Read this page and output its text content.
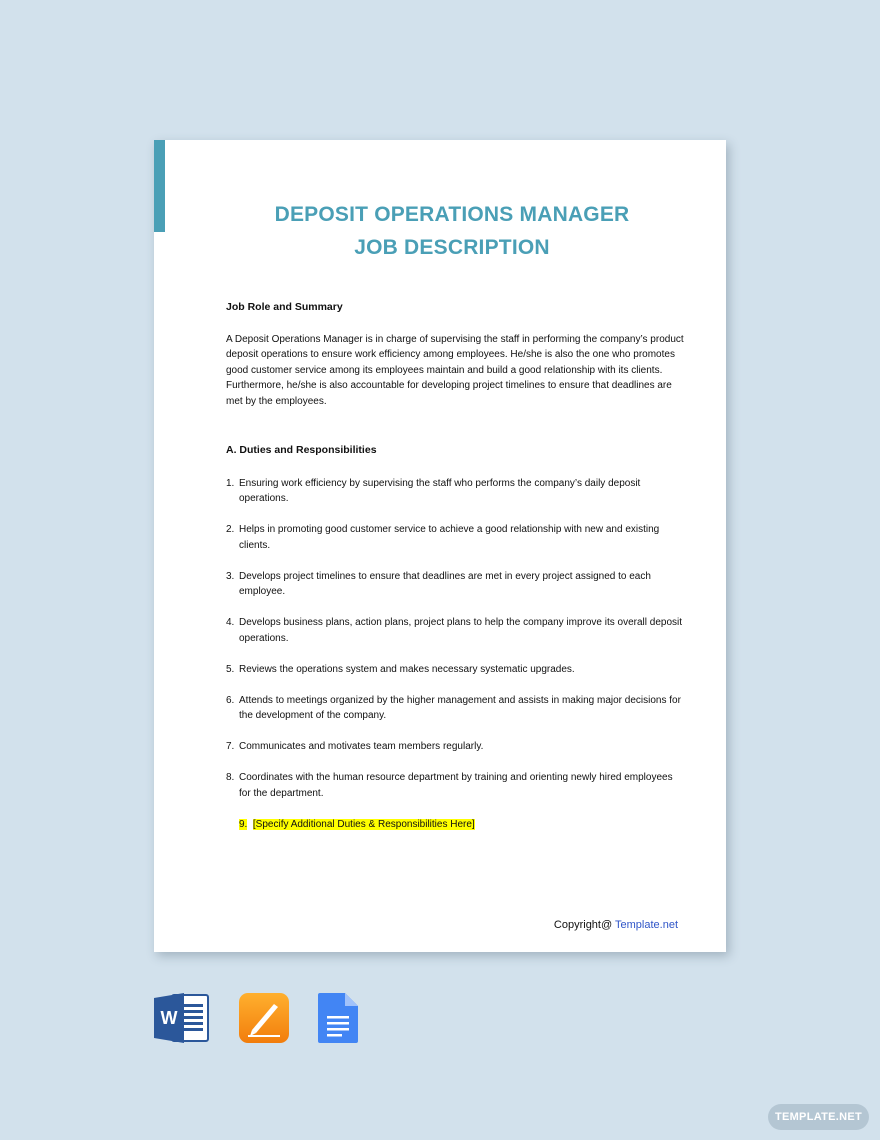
DEPOSIT OPERATIONS MANAGER
JOB DESCRIPTION
Job Role and Summary

A Deposit Operations Manager is in charge of supervising the staff in performing the company’s product deposit operations to ensure work efficiency among employees. He/she is also the one who promotes good customer service among its employees maintain and build a good relationship with its clients. Furthermore, he/she is also accountable for developing project timelines to ensure that deadlines are met by the employees.

A. Duties and Responsibilities
1. Ensuring work efficiency by supervising the staff who performs the company’s daily deposit operations.
2. Helps in promoting good customer service to achieve a good relationship with new and existing clients.
3. Develops project timelines to ensure that deadlines are met in every project assigned to each employee.
4. Develops business plans, action plans, project plans to help the company improve its overall deposit operations.
5. Reviews the operations system and makes necessary systematic upgrades.
6. Attends to meetings organized by the higher management and assists in making major decisions for the development of the company.
7. Communicates and motivates team members regularly.
8. Coordinates with the human resource department by training and orienting newly hired employees for the department.
9. [Specify Additional Duties & Responsibilities Here]
Copyright@ Template.net
W
TEMPLATE.NET
